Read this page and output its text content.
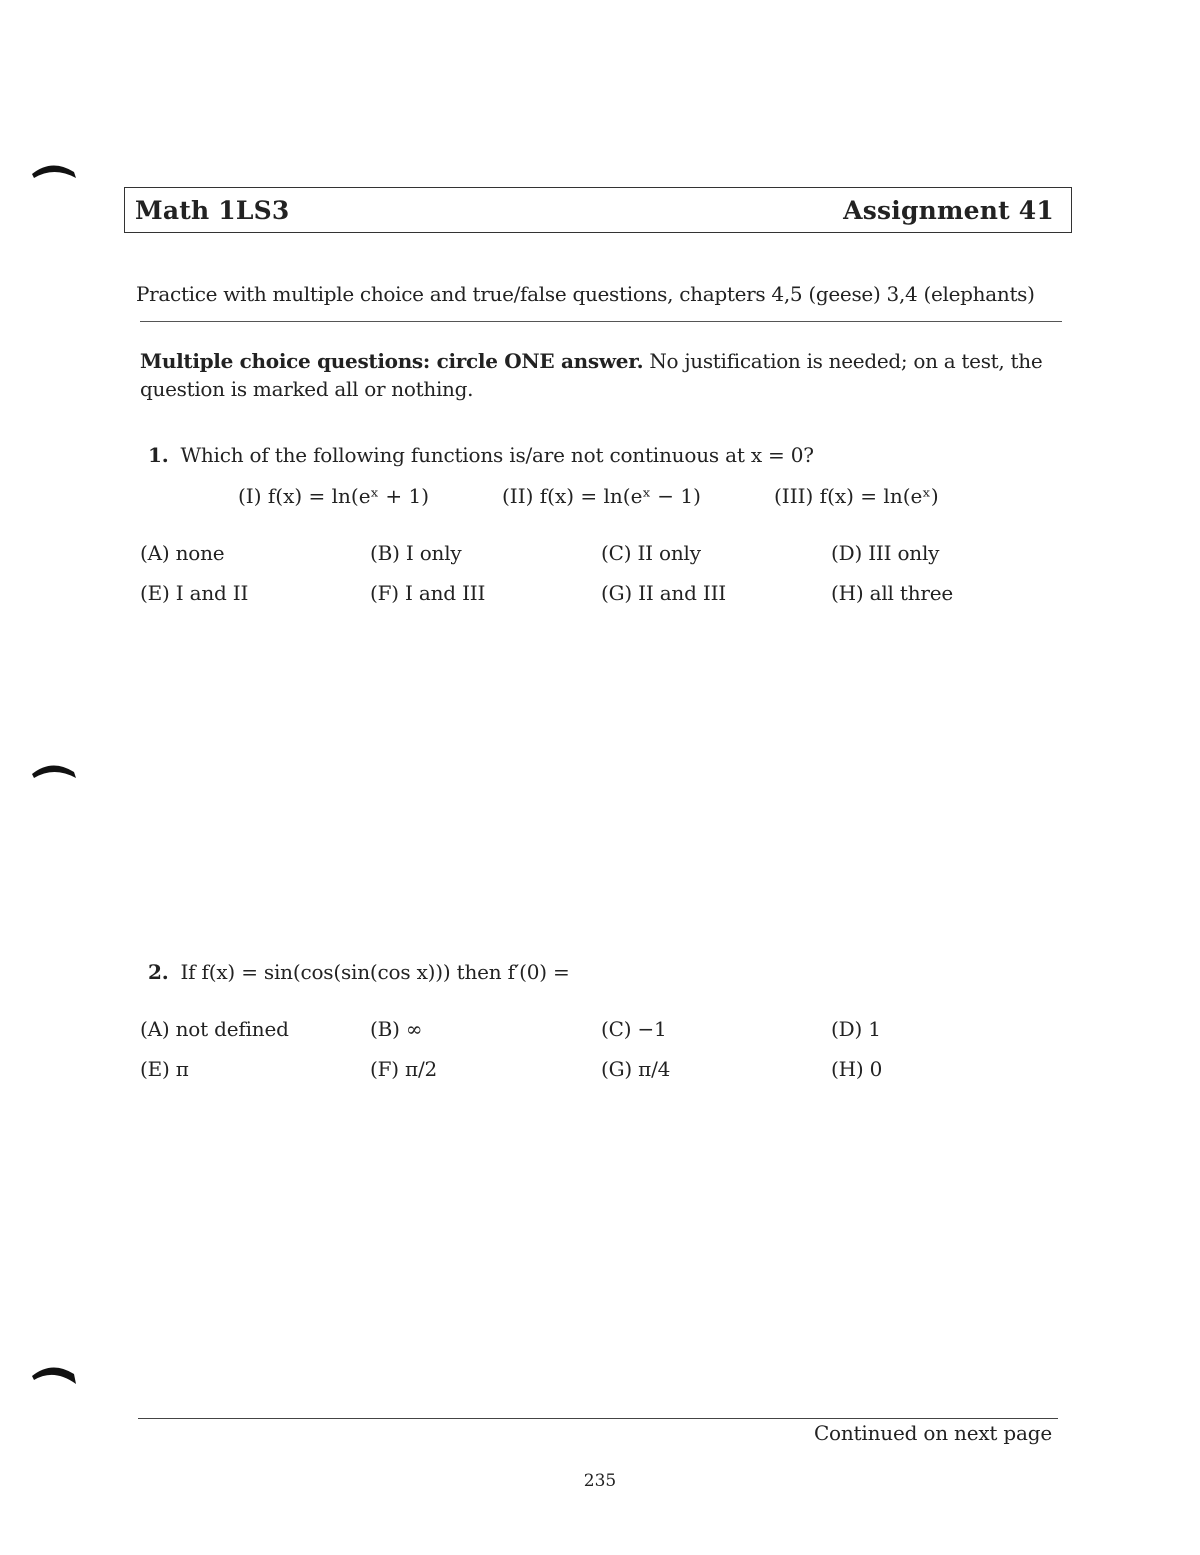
Math 1LS3	Assignment 41
Practice with multiple choice and true/false questions, chapters 4,5 (geese) 3,4 (elephants)
Multiple choice questions: circle ONE answer. No justification is needed; on a test, the question is marked all or nothing.
1. Which of the following functions is/are not continuous at x = 0?
(I) f(x) = ln(eˣ + 1)	(II) f(x) = ln(eˣ − 1)	(III) f(x) = ln(eˣ)
(A) none	(B) I only	(C) II only	(D) III only
(E) I and II	(F) I and III	(G) II and III	(H) all three
2. If f(x) = sin(cos(sin(cos x))) then f′(0) =
(A) not defined	(B) ∞	(C) −1	(D) 1
(E) π	(F) π/2	(G) π/4	(H) 0
Continued on next page
235
